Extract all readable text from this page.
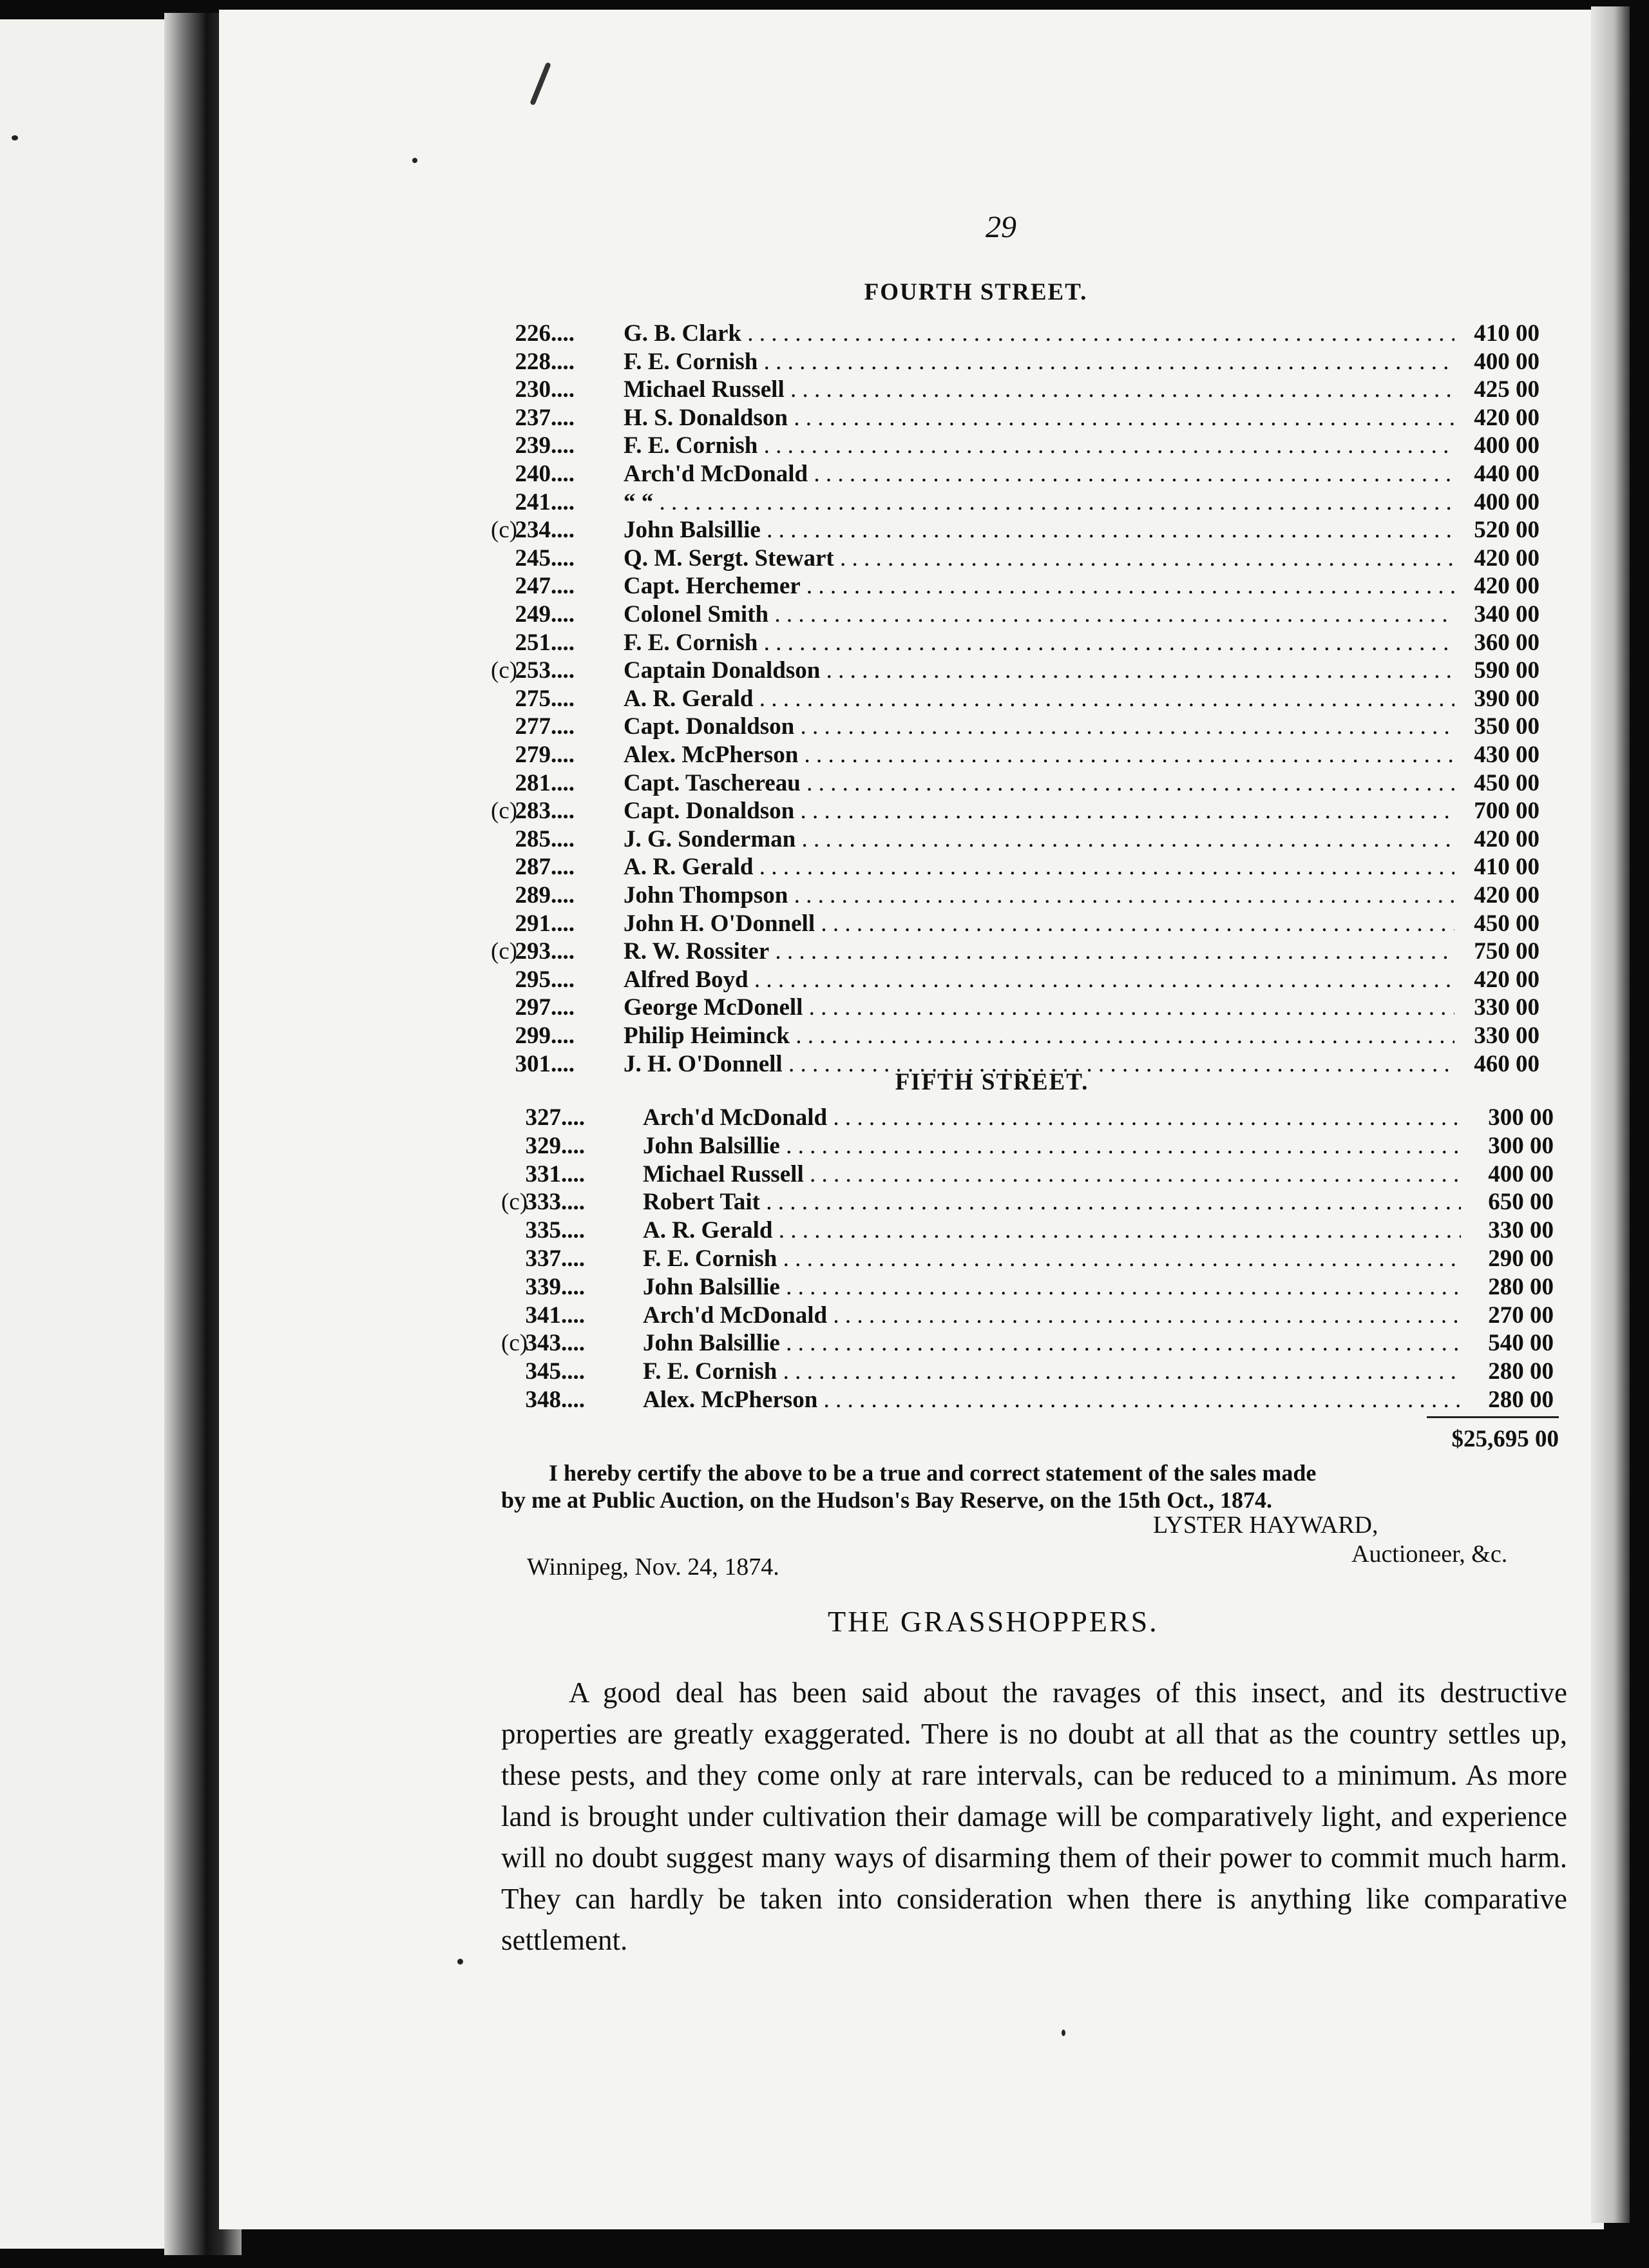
29
FOURTH STREET.
226.... G. B. Clark . . .	410 00
228.... F. E. Cornish . . .	400 00
230.... Michael Russell . . .	425 00
237.... H. S. Donaldson . . .	420 00
239.... F. E. Cornish . . .	400 00
240.... Arch'd McDonald . . .	440 00
241.... “ “ . . .	400 00
(c)
234.... John Balsillie . . .	520 00
245.... Q. M. Sergt. Stewart . . .	420 00
247.... Capt. Herchemer . . .	420 00
249.... Colonel Smith . . .	340 00
251.... F. E. Cornish . . .	360 00
(c)
253.... Captain Donaldson . . .	590 00
275.... A. R. Gerald . . .	390 00
277.... Capt. Donaldson . . .	350 00
279.... Alex. McPherson . . .	430 00
281.... Capt. Taschereau . . .	450 00
(c)
283.... Capt. Donaldson . . .	700 00
285.... J. G. Sonderman . . .	420 00
287.... A. R. Gerald . . .	410 00
289.... John Thompson . . .	420 00
291.... John H. O'Donnell . . .	450 00
(c)
293.... R. W. Rossiter . . .	750 00
295.... Alfred Boyd . . .	420 00
297.... George McDonell . . .	330 00
299.... Philip Heiminck . . .	330 00
301.... J. H. O'Donnell . . .	460 00
FIFTH STREET.
327.... Arch'd McDonald . . .	300 00
329.... John Balsillie . . .	300 00
331.... Michael Russell . . .	400 00
(c)
333.... Robert Tait . . .	650 00
335.... A. R. Gerald . . .	330 00
337.... F. E. Cornish . . .	290 00
339.... John Balsillie . . .	280 00
341.... Arch'd McDonald . . .	270 00
(c)
343.... John Balsillie . . .	540 00
345.... F. E. Cornish . . .	280 00
348.... Alex. McPherson . . .	280 00
$25,695 00
I hereby certify the above to be a true and correct statement of the sales made
by me at Public Auction, on the Hudson's Bay Reserve, on the 15th Oct., 1874.
LYSTER HAYWARD,
Winnipeg, Nov. 24, 1874.	Auctioneer, &c.
THE GRASSHOPPERS.

A good deal has been said about the ravages of this insect, and its destructive properties are greatly exaggerated. There is no doubt at all that as the country settles up, these pests, and they come only at rare intervals, can be reduced to a minimum. As more land is brought under cultivation their damage will be comparatively light, and experience will no doubt suggest many ways of disarming them of their power to commit much harm. They can hardly be taken into consideration when there is anything like comparative settlement.
